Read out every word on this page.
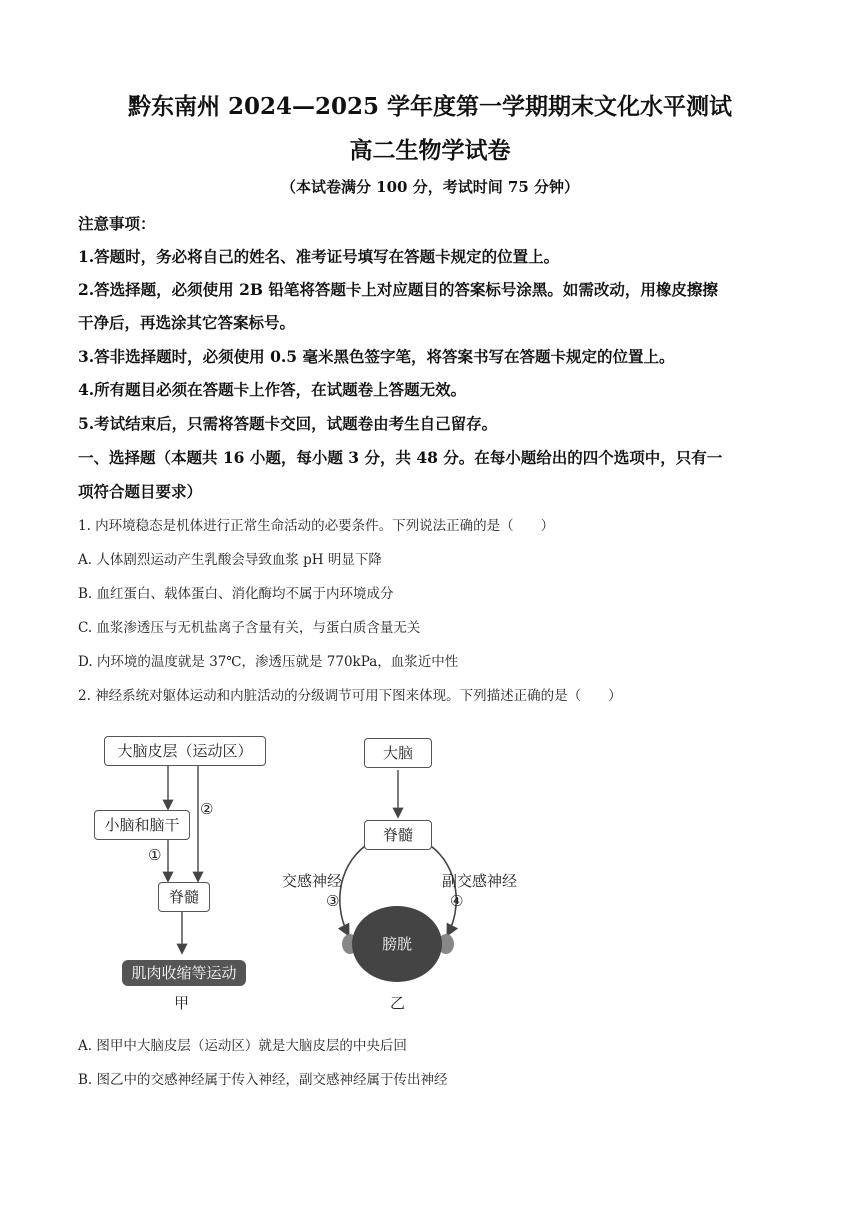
黔东南州 2024—2025 学年度第一学期期末文化水平测试
高二生物学试卷
（本试卷满分 100 分，考试时间 75 分钟）
注意事项：
1.答题时，务必将自己的姓名、准考证号填写在答题卡规定的位置上。
2.答选择题，必须使用 2B 铅笔将答题卡上对应题目的答案标号涂黑。如需改动，用橡皮擦擦
干净后，再选涂其它答案标号。
3.答非选择题时，必须使用 0.5 毫米黑色签字笔，将答案书写在答题卡规定的位置上。
4.所有题目必须在答题卡上作答，在试题卷上答题无效。
5.考试结束后，只需将答题卡交回，试题卷由考生自己留存。
一、选择题（本题共 16 小题，每小题 3 分，共 48 分。在每小题给出的四个选项中，只有一
项符合题目要求）
1. 内环境稳态是机体进行正常生命活动的必要条件。下列说法正确的是（　　）
A. 人体剧烈运动产生乳酸会导致血浆 pH 明显下降
B. 血红蛋白、载体蛋白、消化酶均不属于内环境成分
C. 血浆渗透压与无机盐离子含量有关，与蛋白质含量无关
D. 内环境的温度就是 37℃，渗透压就是 770kPa，血浆近中性
2. 神经系统对躯体运动和内脏活动的分级调节可用下图来体现。下列描述正确的是（　　）
大脑皮层（运动区）
小脑和脑干
②
①
脊髓
肌肉收缩等运动
甲
大脑
脊髓
交感神经	副交感神经
③	④
膀胱
乙
A. 图甲中大脑皮层（运动区）就是大脑皮层的中央后回
B. 图乙中的交感神经属于传入神经，副交感神经属于传出神经
